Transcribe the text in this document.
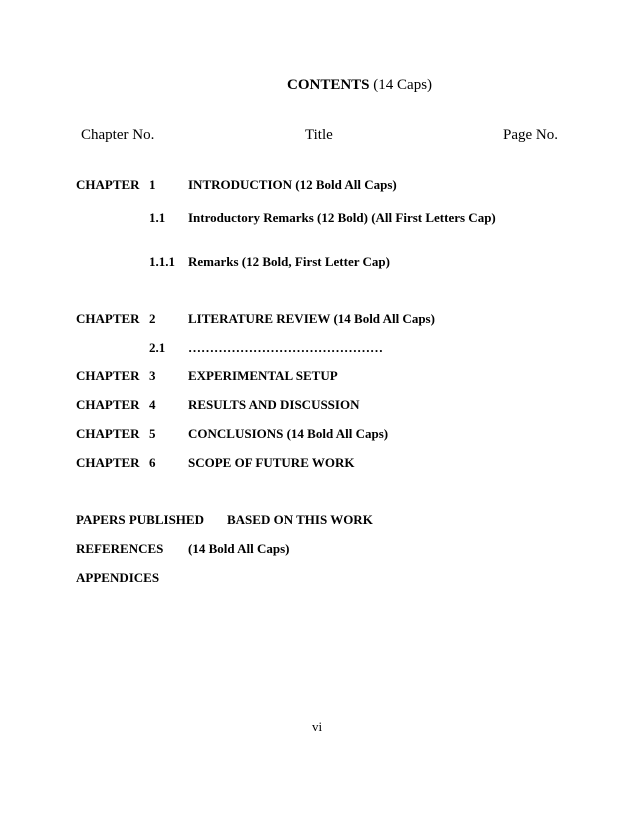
CONTENTS (14 Caps)
Chapter No.	Title	Page No.
CHAPTER 1	INTRODUCTION (12 Bold All Caps)
1.1 Introductory Remarks (12 Bold) (All First Letters Cap)
1.1.1 Remarks (12 Bold, First Letter Cap)
CHAPTER 2	LITERATURE REVIEW (14 Bold All Caps)
2.1 ………………………………………
CHAPTER 3	EXPERIMENTAL SETUP
CHAPTER 4	RESULTS AND DISCUSSION
CHAPTER 5	CONCLUSIONS (14 Bold All Caps)
CHAPTER 6	SCOPE OF FUTURE WORK
PAPERS PUBLISHED BASED ON THIS WORK
REFERENCES (14 Bold All Caps)
APPENDICES
vi
